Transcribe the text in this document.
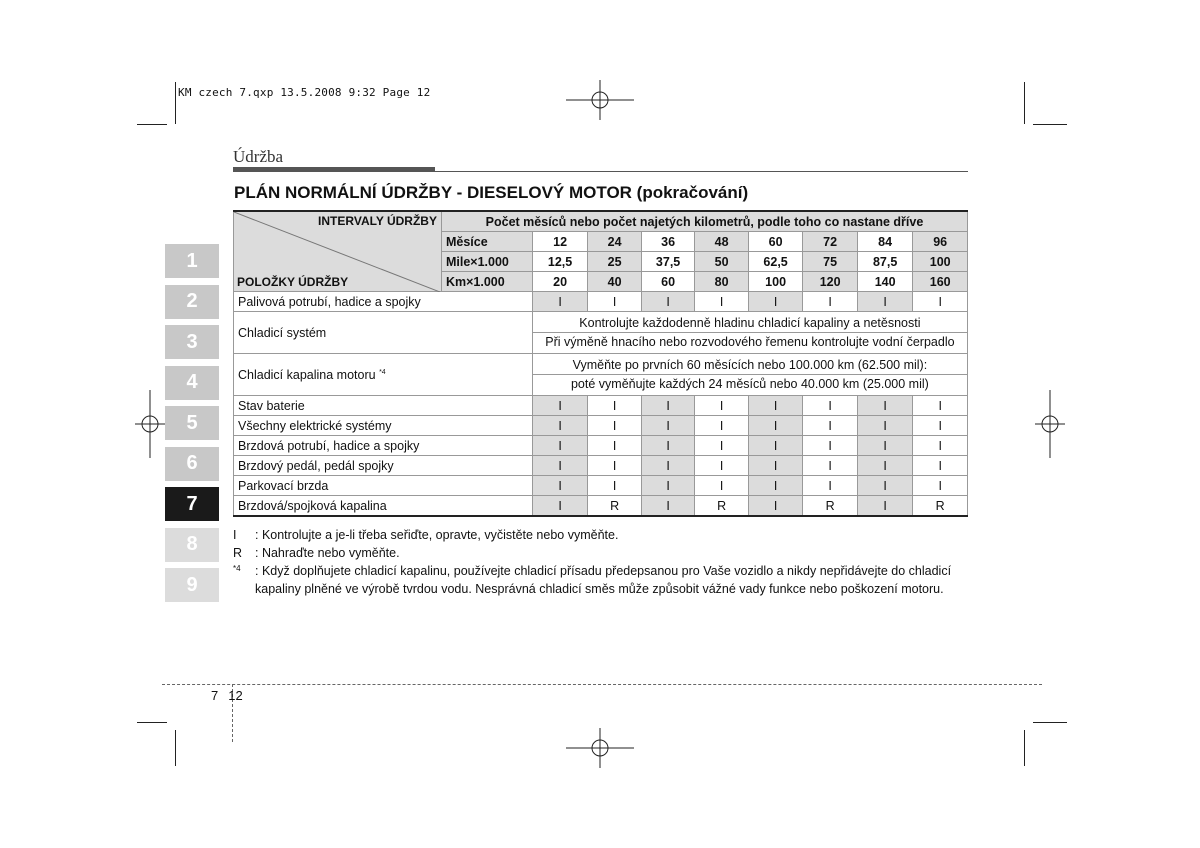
KM czech 7.qxp 13.5.2008 9:32 Page 12
Údržba
PLÁN NORMÁLNÍ ÚDRŽBY - DIESELOVÝ MOTOR (pokračování)
1
2
3
4
5
6
7
8
9
INTERVALY ÚDRŽBY
POLOŽKY ÚDRŽBY	Počet měsíců nebo počet najetých kilometrů, podle toho co nastane dříve								
	Měsíce	12	24	36	48	60	72	84	96
	Mile×1.000	12,5	25	37,5	50	62,5	75	87,5	100
	Km×1.000	20	40	60	80	100	120	140	160
Palivová potrubí, hadice a spojky		I	I	I	I	I	I	I	I
Chladicí systém		Kontrolujte každodenně hladinu chladicí kapaliny a netěsnosti
Při výměně hnacího nebo rozvodového řemenu kontrolujte vodní čerpadlo							

Chladicí kapalina motoru $^{*4}$		Vyměňte po prvních 60 měsících nebo 100.000 km (62.500 mil):
poté vyměňujte každých 24 měsíců nebo 40.000 km (25.000 mil)							

Stav baterie		I	I	I	I	I	I	I	I
Všechny elektrické systémy		I	I	I	I	I	I	I	I
Brzdová potrubí, hadice a spojky		I	I	I	I	I	I	I	I
Brzdový pedál, pedál spojky		I	I	I	I	I	I	I	I
Parkovací brzda		I	I	I	I	I	I	I	I
Brzdová/spojková kapalina		I	R	I	R	I	R	I	R
I	: Kontrolujte a je-li třeba seřiďte, opravte, vyčistěte nebo vyměňte.
R	: Nahraďte nebo vyměňte.
*4	: Když doplňujete chladicí kapalinu, používejte chladicí přísadu předepsanou pro Vaše vozidlo a nikdy nepřidávejte do chladicí kapaliny plněné ve výrobě tvrdou vodu. Nesprávná chladicí směs může způsobit vážné vady funkce nebo poškození motoru.
7 12
